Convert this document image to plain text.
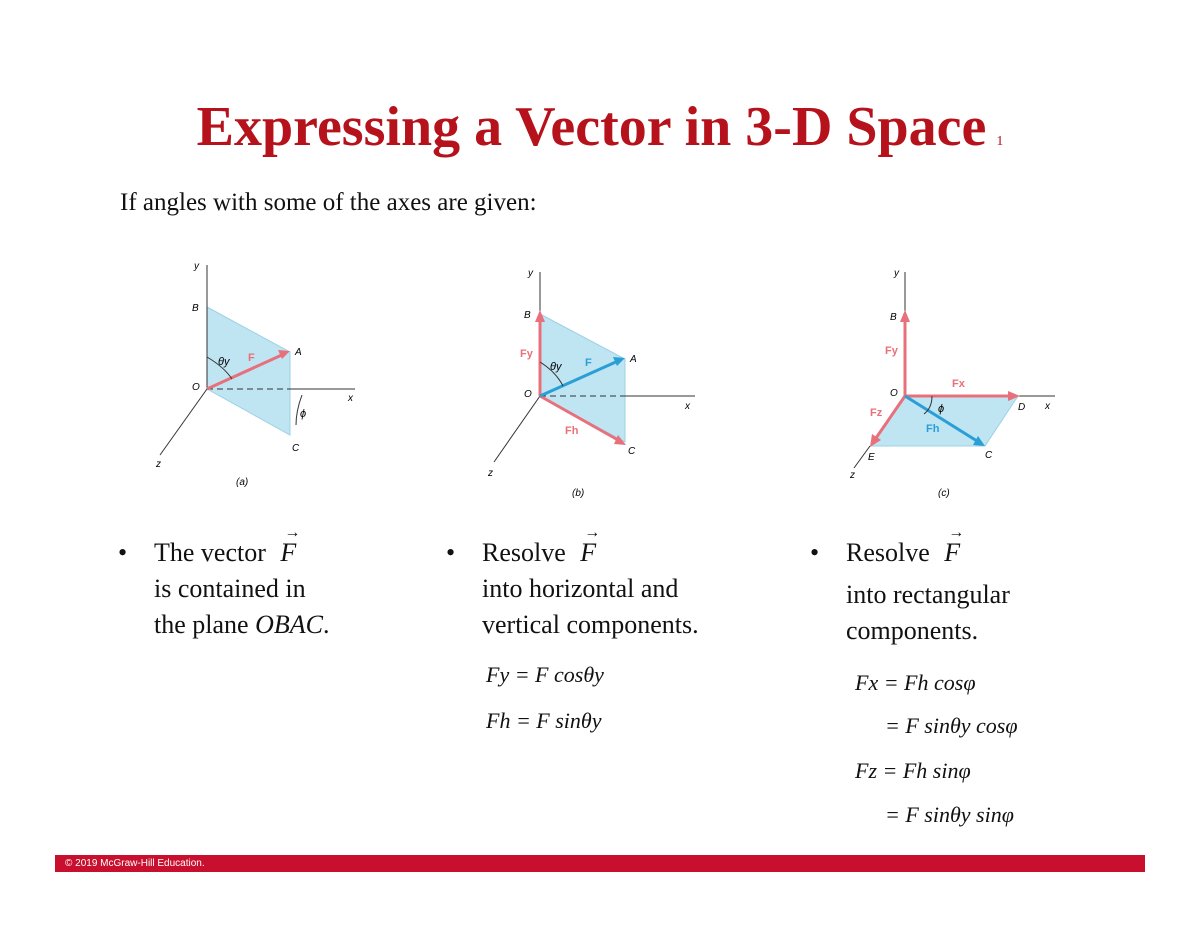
Expressing a Vector in 3-D Space 1
If angles with some of the axes are given:
y
B
A
O
x
C
z
F
θy
ϕ
(a)
y
B
A
O
x
C
z
Fy
Fh
F
θy
(b)
y
B
O
D x
C
E
z
Fy
Fx
Fz
Fh
ϕ
(c)
• The vector → F
is contained in
the plane OBAC.
• Resolve → F
into horizontal and
vertical components.
Fy = F cosθy
Fh = F sinθy
• Resolve → F
into rectangular
components.
Fx = Fh cosφ
= F sinθy cosφ
Fz = Fh sinφ
= F sinθy sinφ
© 2019 McGraw-Hill Education.
